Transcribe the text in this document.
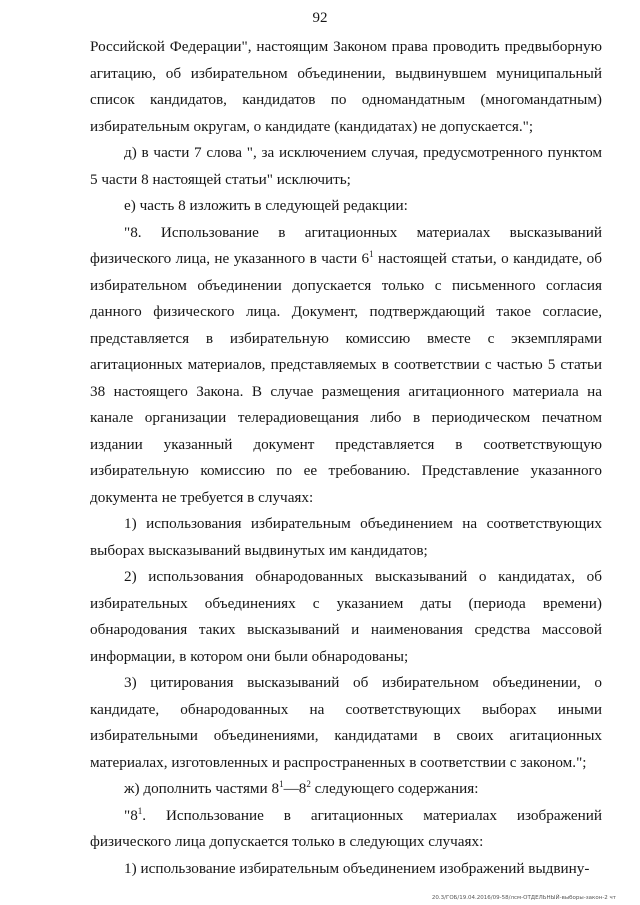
92

Российской Федерации", настоящим Законом права проводить предвыборную агитацию, об избирательном объединении, выдвинувшем муниципальный список кандидатов, кандидатов по одномандатным (многомандатным) избирательным округам, о кандидате (кандидатах) не допускается.";

д) в части 7 слова ", за исключением случая, предусмотренного пунктом 5 части 8 настоящей статьи" исключить;

е) часть 8 изложить в следующей редакции:

"8. Использование в агитационных материалах высказываний физического лица, не указанного в части $6^1$ настоящей статьи, о кандидате, об избирательном объединении допускается только с письменного согласия данного физического лица. Документ, подтверждающий такое согласие, представляется в избирательную комиссию вместе с экземплярами агитационных материалов, представляемых в соответствии с частью 5 статьи 38 настоящего Закона. В случае размещения агитационного материала на канале организации телерадиовещания либо в периодическом печатном издании указанный документ представляется в соответствующую избирательную комиссию по ее требованию. Представление указанного документа не требуется в случаях:

1) использования избирательным объединением на соответствующих выборах высказываний выдвинутых им кандидатов;

2) использования обнародованных высказываний о кандидатах, об избирательных объединениях с указанием даты (периода времени) обнародования таких высказываний и наименования средства массовой информации, в котором они были обнародованы;

3) цитирования высказываний об избирательном объединении, о кандидате, обнародованных на соответствующих выборах иными избирательными объединениями, кандидатами в своих агитационных материалах, изготовленных и распространенных в соответствии с законом.";

ж) дополнить частями $8^1—8^2$ следующего содержания:

"$8^1$. Использование в агитационных материалах изображений физического лица допускается только в следующих случаях:

1) использование избирательным объединением изображений выдвину-

20.3/ГОБ/19.04.2016/09-58/лсм-ОТДЕЛЬНЫЙ-выборы-закон-2 чт
